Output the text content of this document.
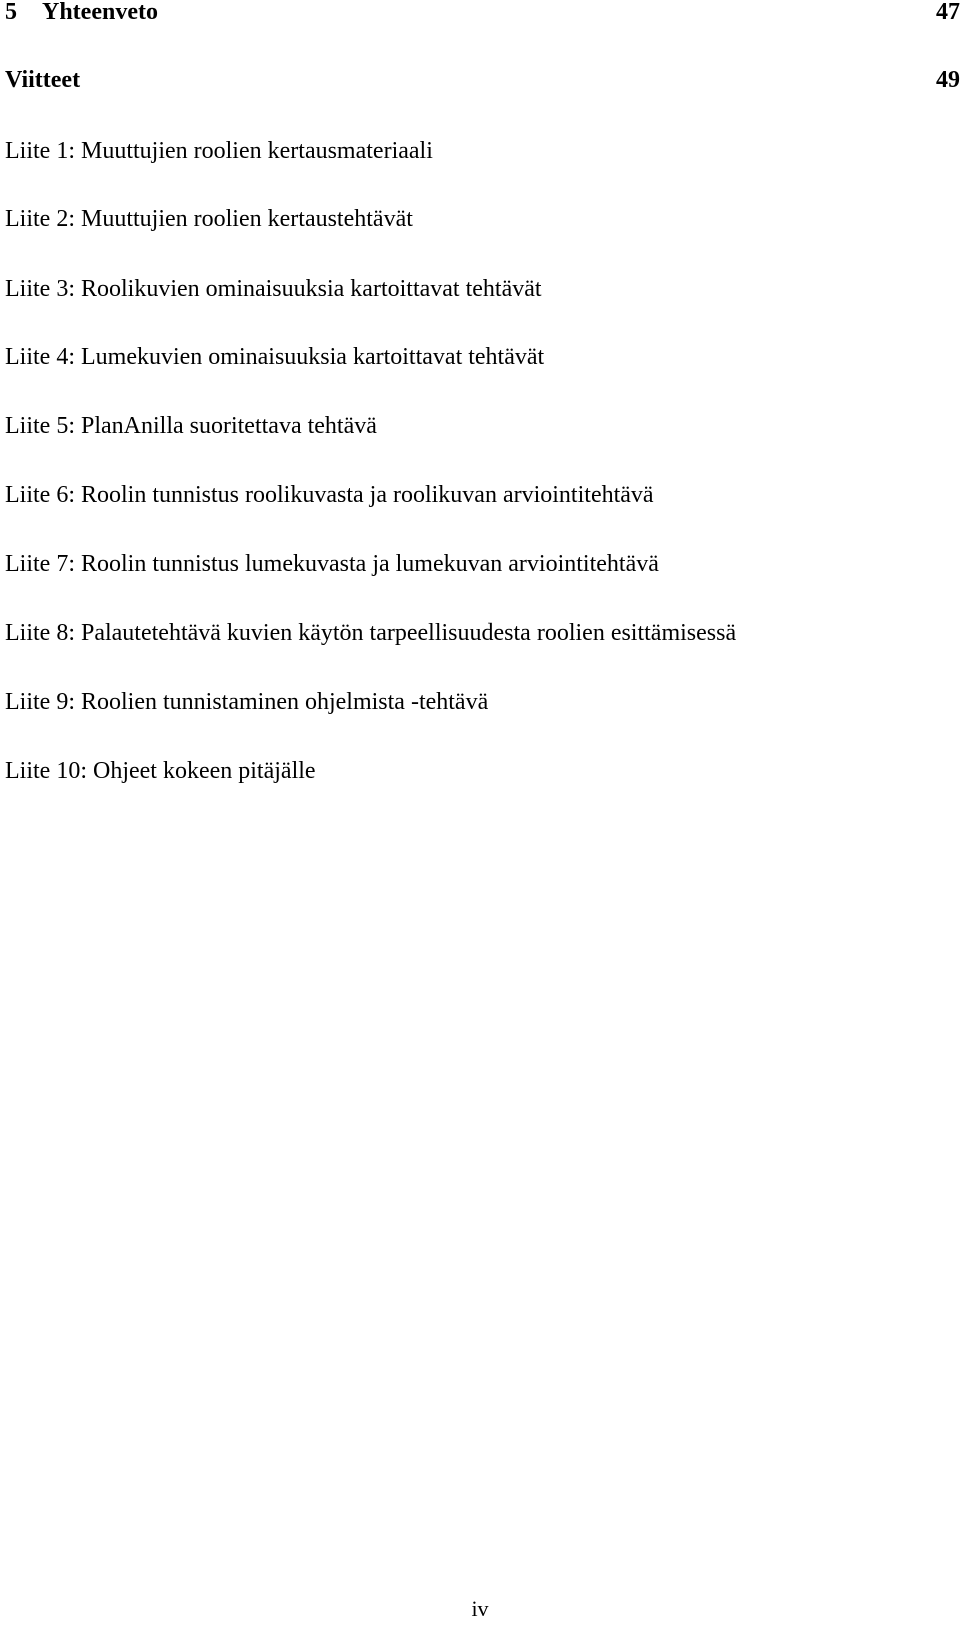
5 Yhteenveto	47
Viitteet	49
Liite 1: Muuttujien roolien kertausmateriaali
Liite 2: Muuttujien roolien kertaustehtävät
Liite 3: Roolikuvien ominaisuuksia kartoittavat tehtävät
Liite 4: Lumekuvien ominaisuuksia kartoittavat tehtävät
Liite 5: PlanAnilla suoritettava tehtävä
Liite 6: Roolin tunnistus roolikuvasta ja roolikuvan arviointitehtävä
Liite 7: Roolin tunnistus lumekuvasta ja lumekuvan arviointitehtävä
Liite 8: Palautetehtävä kuvien käytön tarpeellisuudesta roolien esittämisessä
Liite 9: Roolien tunnistaminen ohjelmista -tehtävä
Liite 10: Ohjeet kokeen pitäjälle
iv
